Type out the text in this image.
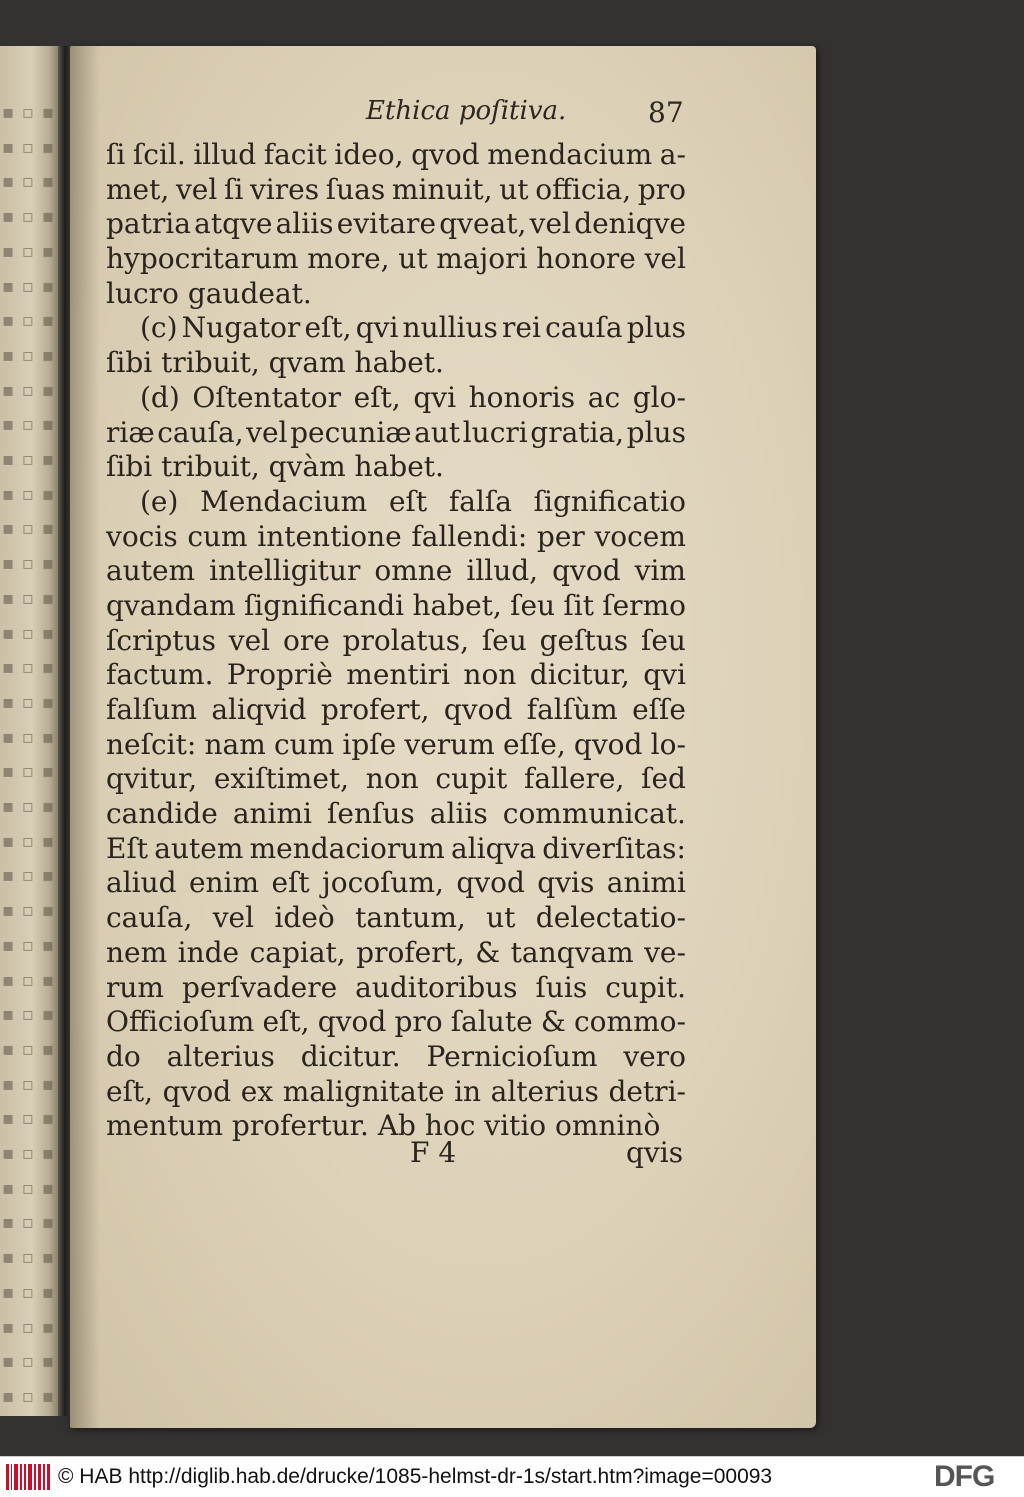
▪ ▫ ▪
▪ ▫ ▪
▪ ▫ ▪
▪ ▫ ▪
▪ ▫ ▪
▪ ▫ ▪
▪ ▫ ▪
▪ ▫ ▪
▪ ▫ ▪
▪ ▫ ▪
▪ ▫ ▪
▪ ▫ ▪
▪ ▫ ▪
▪ ▫ ▪
▪ ▫ ▪
▪ ▫ ▪
▪ ▫ ▪
▪ ▫ ▪
▪ ▫ ▪
▪ ▫ ▪
▪ ▫ ▪
▪ ▫ ▪
▪ ▫ ▪
▪ ▫ ▪
▪ ▫ ▪
▪ ▫ ▪
▪ ▫ ▪
▪ ▫ ▪
▪ ▫ ▪
▪ ▫ ▪
▪ ▫ ▪
▪ ▫ ▪
▪ ▫ ▪
▪ ▫ ▪
▪ ▫ ▪
▪ ▫ ▪
▪ ▫ ▪
▪ ▫ ▪
Ethica poſitiva.	87
ſi ſcil. illud facit ideo, qvod mendacium a-
met, vel ſi vires ſuas minuit, ut officia, pro
patria atqve aliis evitare qveat, vel deniqve
hypocritarum more, ut majori honore vel
lucro gaudeat.
(c) Nugator eſt, qvi nullius rei cauſa plus
ſibi tribuit, qvam habet.
(d) Oſtentator eſt, qvi honoris ac glo-
riæ cauſa, vel pecuniæ aut lucri gratia, plus
ſibi tribuit, qvàm habet.
(e) Mendacium eſt falſa ſignificatio
vocis cum intentione fallendi: per vocem
autem intelligitur omne illud, qvod vim
qvandam ſignificandi habet, ſeu ſit ſermo
ſcriptus vel ore prolatus, ſeu geſtus ſeu
factum. Propriè mentiri non dicitur, qvi
falſum aliqvid profert, qvod falſùm eſſe
neſcit: nam cum ipſe verum eſſe, qvod lo-
qvitur, exiſtimet, non cupit fallere, ſed
candide animi ſenſus aliis communicat.
Eſt autem mendaciorum aliqva diverſitas:
aliud enim eſt jocoſum, qvod qvis animi
cauſa, vel ideò tantum, ut delectatio-
nem inde capiat, profert, & tanqvam ve-
rum perſvadere auditoribus ſuis cupit.
Officioſum eſt, qvod pro ſalute & commo-
do alterius dicitur. Pernicioſum vero
eſt, qvod ex malignitate in alterius detri-
mentum profertur. Ab hoc vitio omninò
F 4	qvis
© HAB http://diglib.hab.de/drucke/1085-helmst-dr-1s/start.htm?image=00093	DFG
